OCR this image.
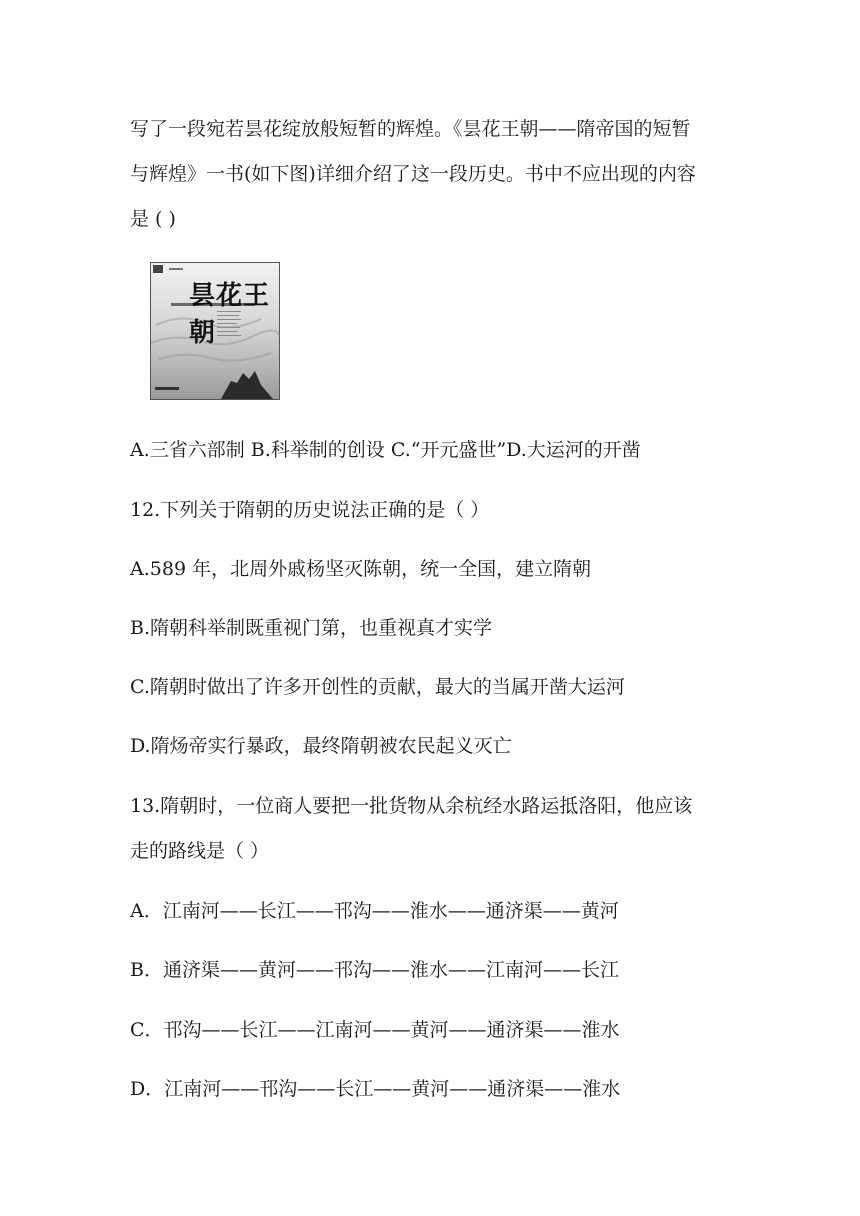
写了一段宛若昙花绽放般短暂的辉煌。《昙花王朝——隋帝国的短暂
与辉煌》一书(如下图)详细介绍了这一段历史。书中不应出现的内容
是 ( )
昙花王朝
A.三省六部制 B.科举制的创设 C.“开元盛世”D.大运河的开凿
12.下列关于隋朝的历史说法正确的是（ ）
A.589 年，北周外戚杨坚灭陈朝，统一全国，建立隋朝
B.隋朝科举制既重视门第，也重视真才实学
C.隋朝时做出了许多开创性的贡献，最大的当属开凿大运河
D.隋炀帝实行暴政，最终隋朝被农民起义灭亡
13.隋朝时，一位商人要把一批货物从余杭经水路运抵洛阳，他应该
走的路线是（ ）
A．江南河——长江——邗沟——淮水——通济渠——黄河
B．通济渠——黄河——邗沟——淮水——江南河——长江
C．邗沟——长江——江南河——黄河——通济渠——淮水
D．江南河——邗沟——长江——黄河——通济渠——淮水
